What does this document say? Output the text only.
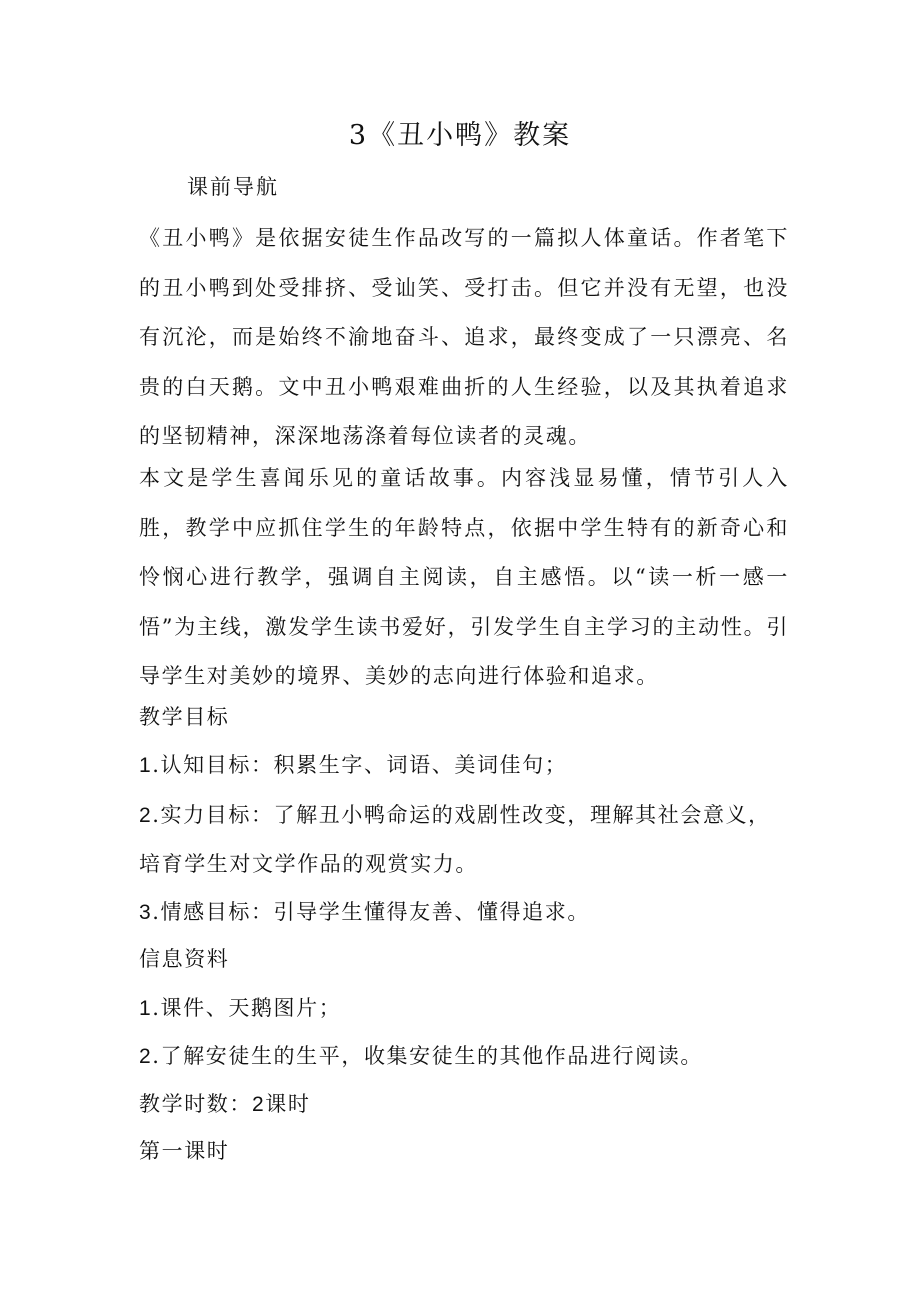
3《丑小鸭》教案
课前导航
《丑小鸭》是依据安徒生作品改写的一篇拟人体童话。作者笔下的丑小鸭到处受排挤、受讪笑、受打击。但它并没有无望，也没有沉沦，而是始终不渝地奋斗、追求，最终变成了一只漂亮、名贵的白天鹅。文中丑小鸭艰难曲折的人生经验，以及其执着追求的坚韧精神，深深地荡涤着每位读者的灵魂。
本文是学生喜闻乐见的童话故事。内容浅显易懂，情节引人入胜，教学中应抓住学生的年龄特点，依据中学生特有的新奇心和怜悯心进行教学，强调自主阅读，自主感悟。以“读一析一感一悟”为主线，激发学生读书爱好，引发学生自主学习的主动性。引导学生对美妙的境界、美妙的志向进行体验和追求。
教学目标
1.认知目标：积累生字、词语、美词佳句；
2.实力目标：了解丑小鸭命运的戏剧性改变，理解其社会意义，培育学生对文学作品的观赏实力。
3.情感目标：引导学生懂得友善、懂得追求。
信息资料
1.课件、天鹅图片；
2.了解安徒生的生平，收集安徒生的其他作品进行阅读。
教学时数：2课时
第一课时
